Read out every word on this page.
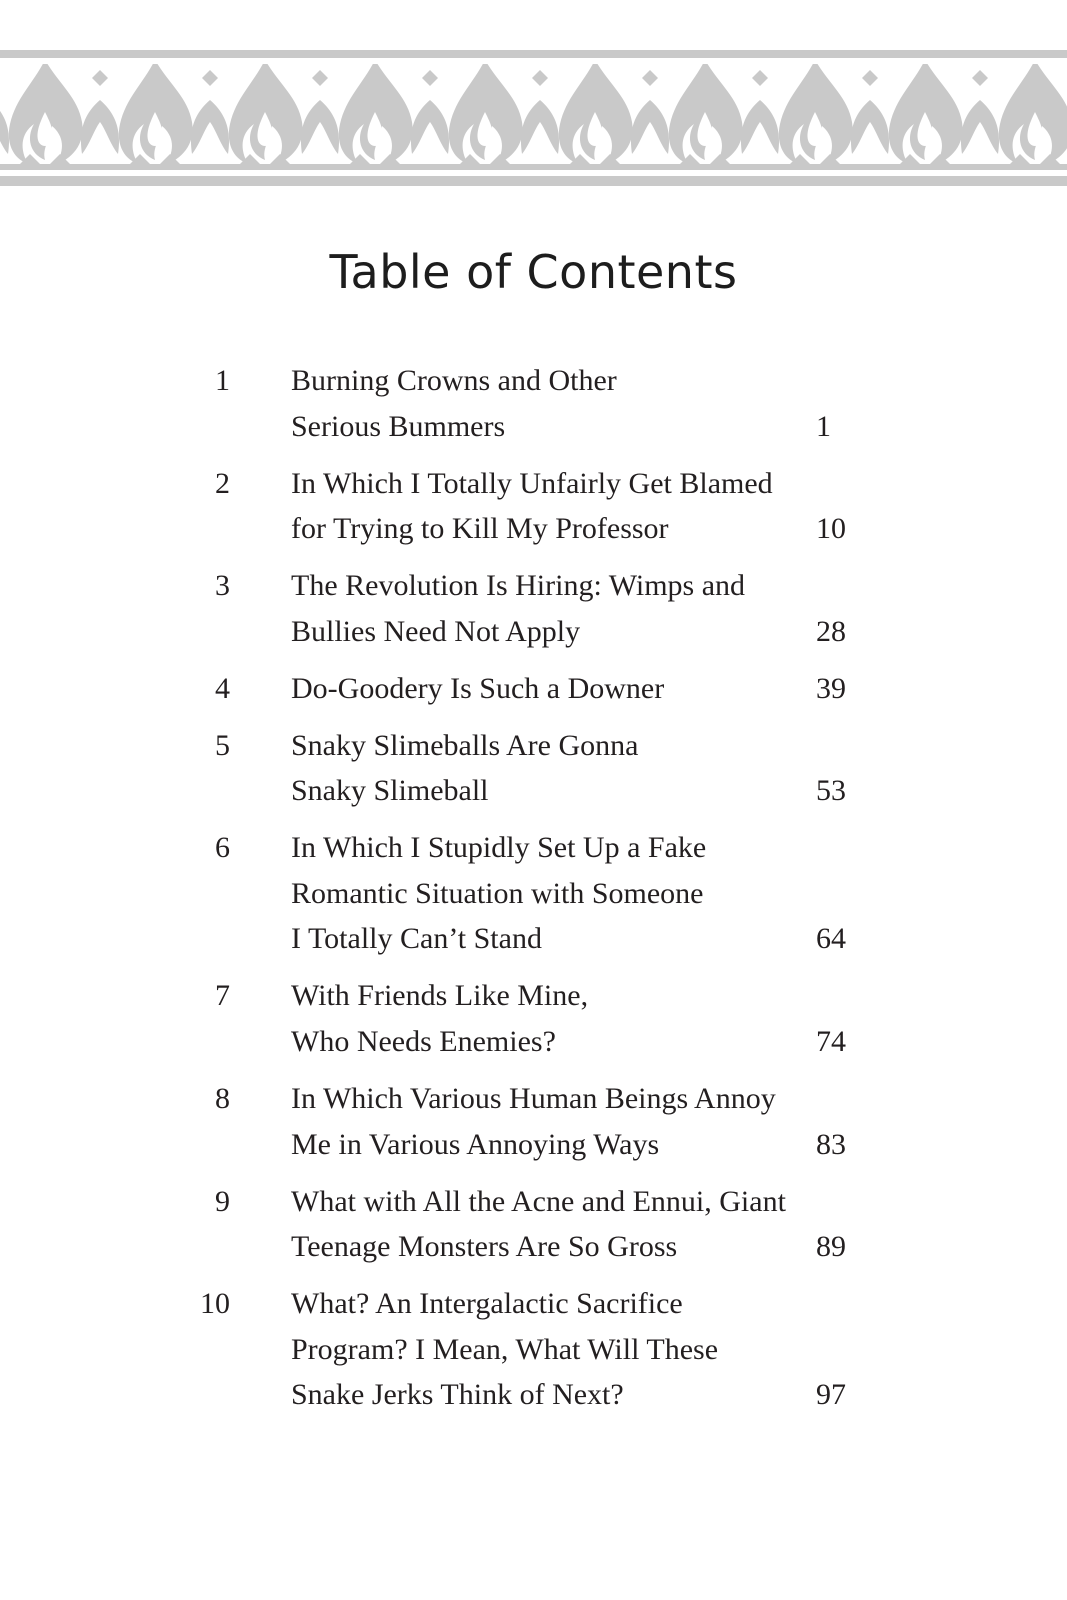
Table of Contents
1 Burning Crowns and Other
Serious Bummers	1
2 In Which I Totally Unfairly Get Blamed
for Trying to Kill My Professor	10
3 The Revolution Is Hiring: Wimps and
Bullies Need Not Apply	28
4 Do-Goodery Is Such a Downer	39
5 Snaky Slimeballs Are Gonna
Snaky Slimeball	53
6 In Which I Stupidly Set Up a Fake
Romantic Situation with Someone
I Totally Can’t Stand	64
7 With Friends Like Mine,
Who Needs Enemies?	74
8 In Which Various Human Beings Annoy
Me in Various Annoying Ways	83
9 What with All the Acne and Ennui, Giant
Teenage Monsters Are So Gross	89
10 What? An Intergalactic Sacrifice
Program? I Mean, What Will These
Snake Jerks Think of Next?	97
